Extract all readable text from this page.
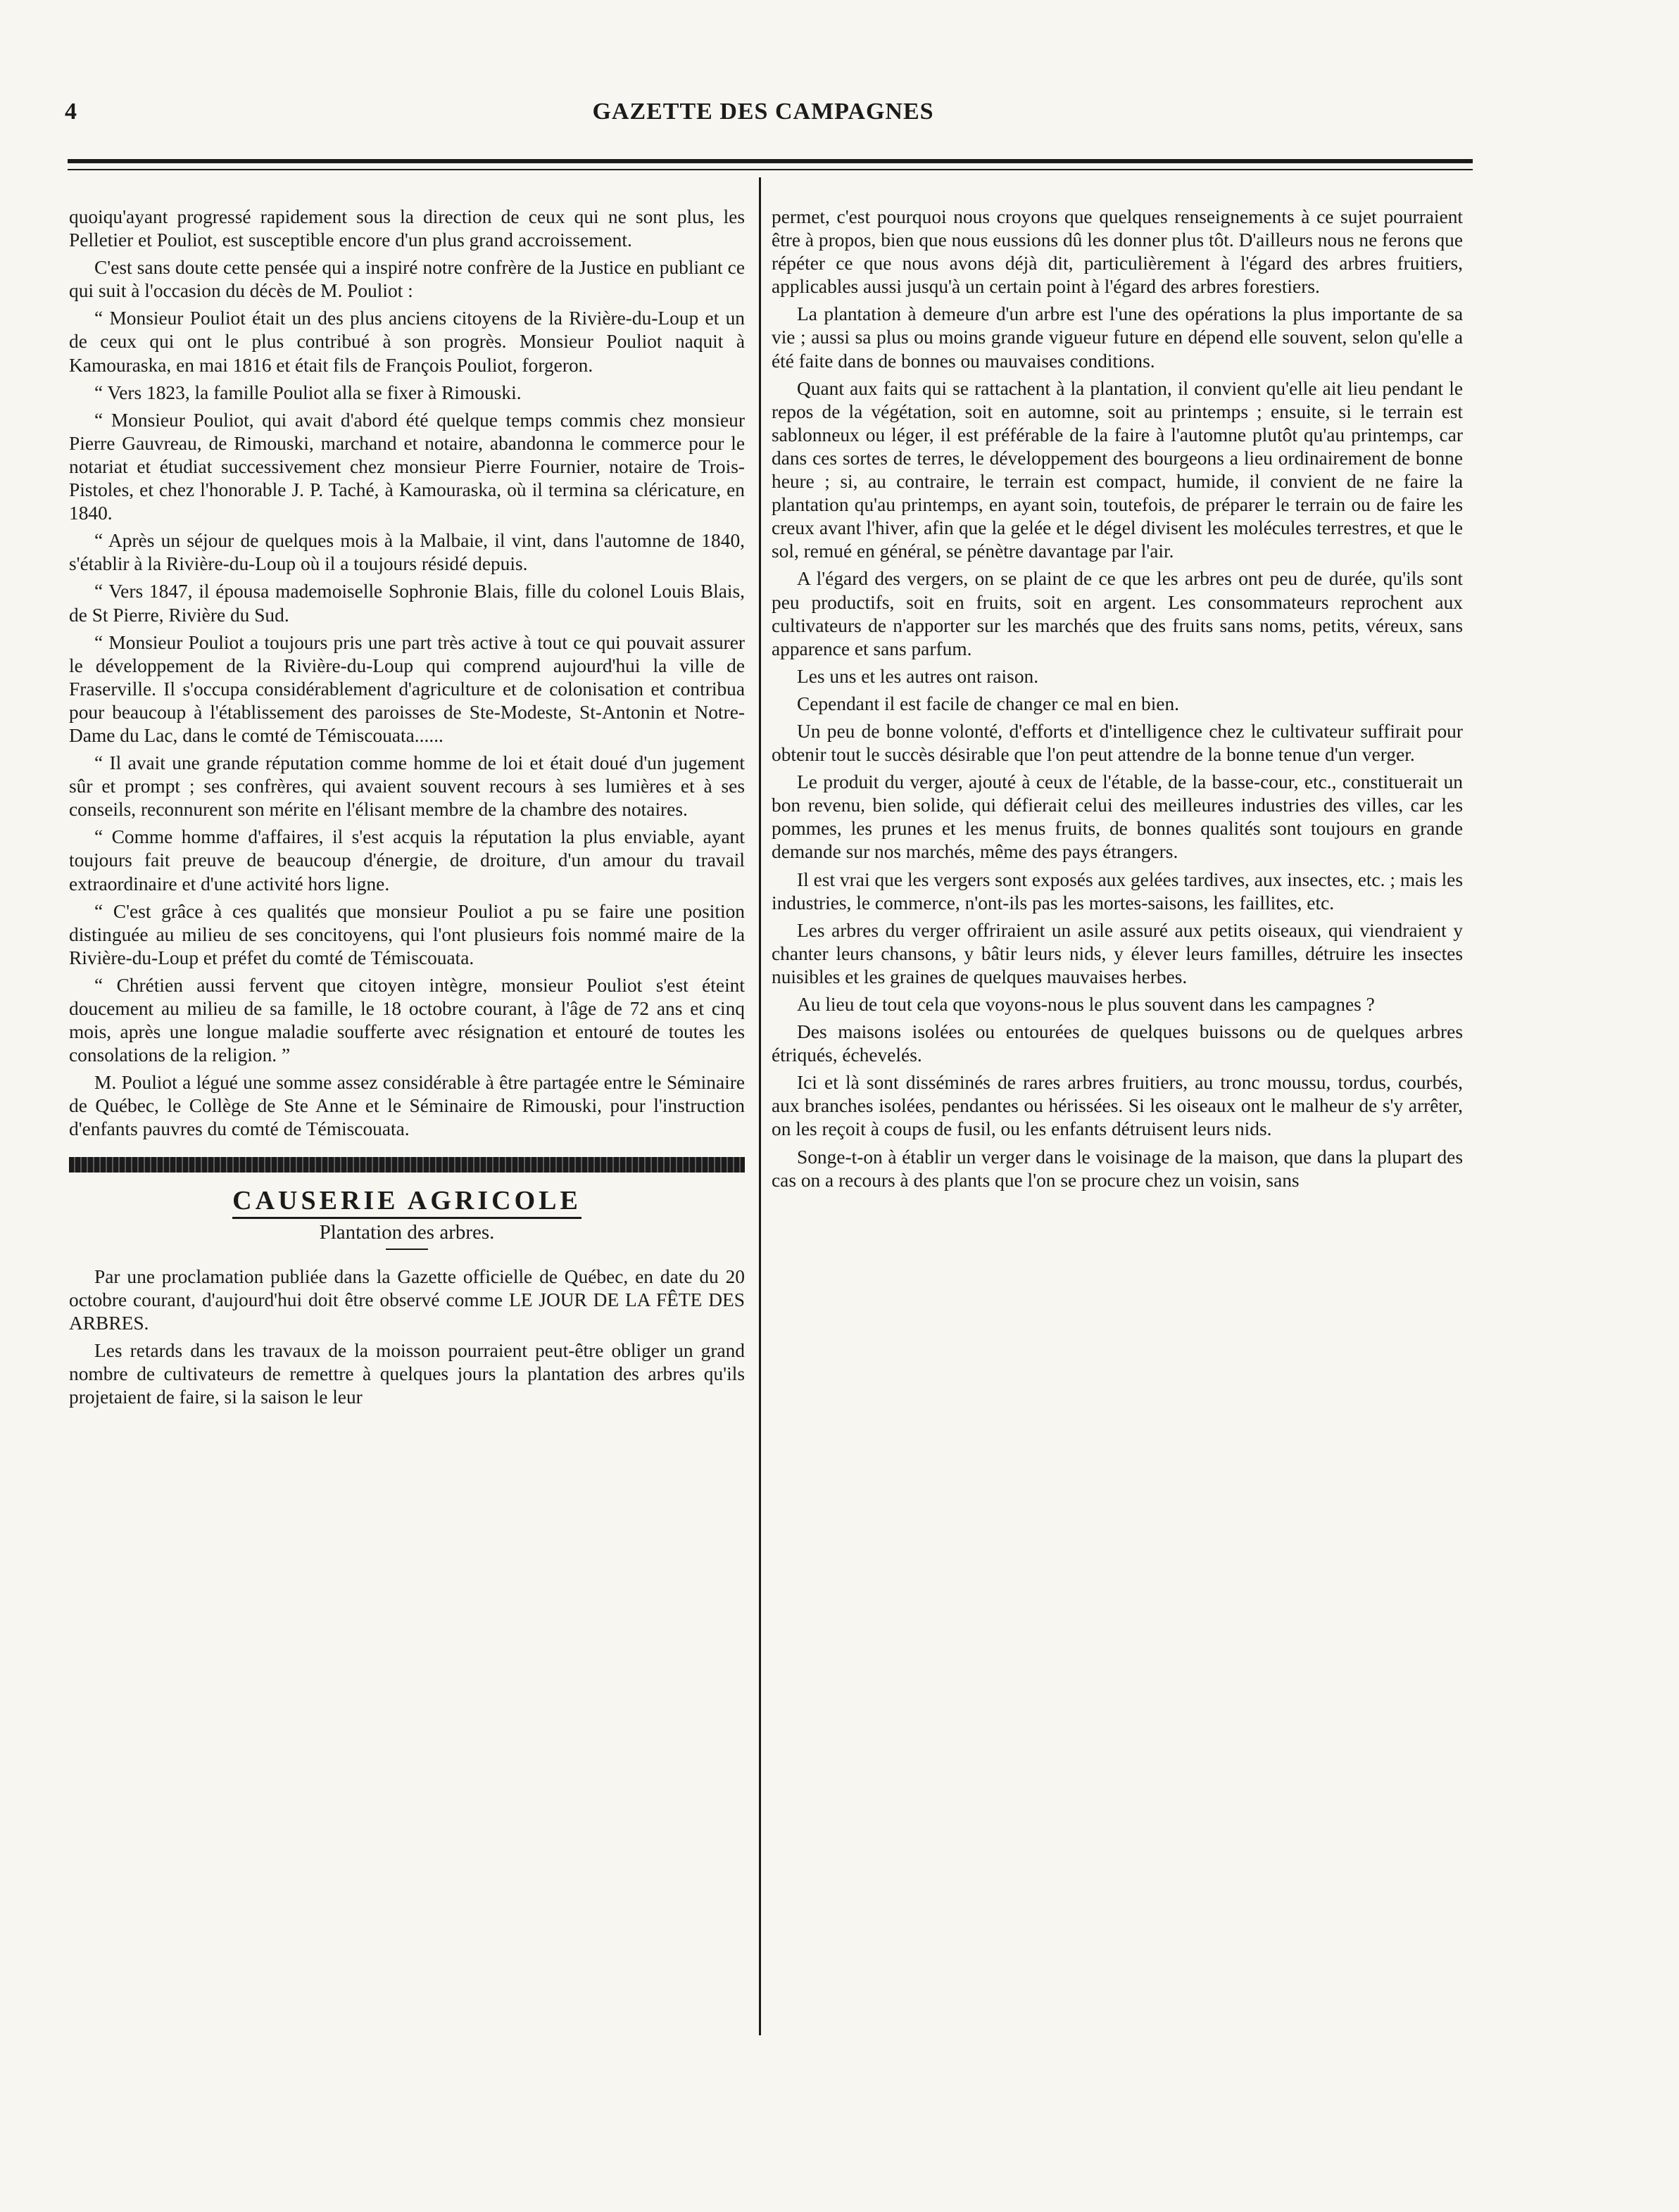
4	GAZETTE DES CAMPAGNES

quoiqu'ayant progressé rapidement sous la direction de ceux qui ne sont plus, les Pelletier et Pouliot, est susceptible encore d'un plus grand accroissement.

C'est sans doute cette pensée qui a inspiré notre confrère de la Justice en publiant ce qui suit à l'occasion du décès de M. Pouliot :

“ Monsieur Pouliot était un des plus anciens citoyens de la Rivière-du-Loup et un de ceux qui ont le plus contribué à son progrès. Monsieur Pouliot naquit à Kamouraska, en mai 1816 et était fils de François Pouliot, forgeron.

“ Vers 1823, la famille Pouliot alla se fixer à Rimouski.

“ Monsieur Pouliot, qui avait d'abord été quelque temps commis chez monsieur Pierre Gauvreau, de Rimouski, marchand et notaire, abandonna le commerce pour le notariat et étudiat successivement chez monsieur Pierre Fournier, notaire de Trois-Pistoles, et chez l'honorable J. P. Taché, à Kamouraska, où il termina sa cléricature, en 1840.

“ Après un séjour de quelques mois à la Malbaie, il vint, dans l'automne de 1840, s'établir à la Rivière-du-Loup où il a toujours résidé depuis.

“ Vers 1847, il épousa mademoiselle Sophronie Blais, fille du colonel Louis Blais, de St Pierre, Rivière du Sud.

“ Monsieur Pouliot a toujours pris une part très active à tout ce qui pouvait assurer le développement de la Rivière-du-Loup qui comprend aujourd'hui la ville de Fraserville. Il s'occupa considérablement d'agriculture et de colonisation et contribua pour beaucoup à l'établissement des paroisses de Ste-Modeste, St-Antonin et Notre-Dame du Lac, dans le comté de Témiscouata......

“ Il avait une grande réputation comme homme de loi et était doué d'un jugement sûr et prompt ; ses confrères, qui avaient souvent recours à ses lumières et à ses conseils, reconnurent son mérite en l'élisant membre de la chambre des notaires.

“ Comme homme d'affaires, il s'est acquis la réputation la plus enviable, ayant toujours fait preuve de beaucoup d'énergie, de droiture, d'un amour du travail extraordinaire et d'une activité hors ligne.

“ C'est grâce à ces qualités que monsieur Pouliot a pu se faire une position distinguée au milieu de ses concitoyens, qui l'ont plusieurs fois nommé maire de la Rivière-du-Loup et préfet du comté de Témiscouata.

“ Chrétien aussi fervent que citoyen intègre, monsieur Pouliot s'est éteint doucement au milieu de sa famille, le 18 octobre courant, à l'âge de 72 ans et cinq mois, après une longue maladie soufferte avec résignation et entouré de toutes les consolations de la religion. ”

M. Pouliot a légué une somme assez considérable à être partagée entre le Séminaire de Québec, le Collège de Ste Anne et le Séminaire de Rimouski, pour l'instruction d'enfants pauvres du comté de Témiscouata.

CAUSERIE AGRICOLE
Plantation des arbres.

Par une proclamation publiée dans la Gazette officielle de Québec, en date du 20 octobre courant, d'aujourd'hui doit être observé comme LE JOUR DE LA FÊTE DES ARBRES.

Les retards dans les travaux de la moisson pourraient peut-être obliger un grand nombre de cultivateurs de remettre à quelques jours la plantation des arbres qu'ils projetaient de faire, si la saison le leur

permet, c'est pourquoi nous croyons que quelques renseignements à ce sujet pourraient être à propos, bien que nous eussions dû les donner plus tôt. D'ailleurs nous ne ferons que répéter ce que nous avons déjà dit, particulièrement à l'égard des arbres fruitiers, applicables aussi jusqu'à un certain point à l'égard des arbres forestiers.

La plantation à demeure d'un arbre est l'une des opérations la plus importante de sa vie ; aussi sa plus ou moins grande vigueur future en dépend elle souvent, selon qu'elle a été faite dans de bonnes ou mauvaises conditions.

Quant aux faits qui se rattachent à la plantation, il convient qu'elle ait lieu pendant le repos de la végétation, soit en automne, soit au printemps ; ensuite, si le terrain est sablonneux ou léger, il est préférable de la faire à l'automne plutôt qu'au printemps, car dans ces sortes de terres, le développement des bourgeons a lieu ordinairement de bonne heure ; si, au contraire, le terrain est compact, humide, il convient de ne faire la plantation qu'au printemps, en ayant soin, toutefois, de préparer le terrain ou de faire les creux avant l'hiver, afin que la gelée et le dégel divisent les molécules terrestres, et que le sol, remué en général, se pénètre davantage par l'air.

A l'égard des vergers, on se plaint de ce que les arbres ont peu de durée, qu'ils sont peu productifs, soit en fruits, soit en argent. Les consommateurs reprochent aux cultivateurs de n'apporter sur les marchés que des fruits sans noms, petits, véreux, sans apparence et sans parfum.

Les uns et les autres ont raison.

Cependant il est facile de changer ce mal en bien.

Un peu de bonne volonté, d'efforts et d'intelligence chez le cultivateur suffirait pour obtenir tout le succès désirable que l'on peut attendre de la bonne tenue d'un verger.

Le produit du verger, ajouté à ceux de l'étable, de la basse-cour, etc., constituerait un bon revenu, bien solide, qui défierait celui des meilleures industries des villes, car les pommes, les prunes et les menus fruits, de bonnes qualités sont toujours en grande demande sur nos marchés, même des pays étrangers.

Il est vrai que les vergers sont exposés aux gelées tardives, aux insectes, etc. ; mais les industries, le commerce, n'ont-ils pas les mortes-saisons, les faillites, etc.

Les arbres du verger offriraient un asile assuré aux petits oiseaux, qui viendraient y chanter leurs chansons, y bâtir leurs nids, y élever leurs familles, détruire les insectes nuisibles et les graines de quelques mauvaises herbes.

Au lieu de tout cela que voyons-nous le plus souvent dans les campagnes ?

Des maisons isolées ou entourées de quelques buissons ou de quelques arbres étriqués, échevelés.

Ici et là sont disséminés de rares arbres fruitiers, au tronc moussu, tordus, courbés, aux branches isolées, pendantes ou hérissées. Si les oiseaux ont le malheur de s'y arrêter, on les reçoit à coups de fusil, ou les enfants détruisent leurs nids.

Songe-t-on à établir un verger dans le voisinage de la maison, que dans la plupart des cas on a recours à des plants que l'on se procure chez un voisin, sans
